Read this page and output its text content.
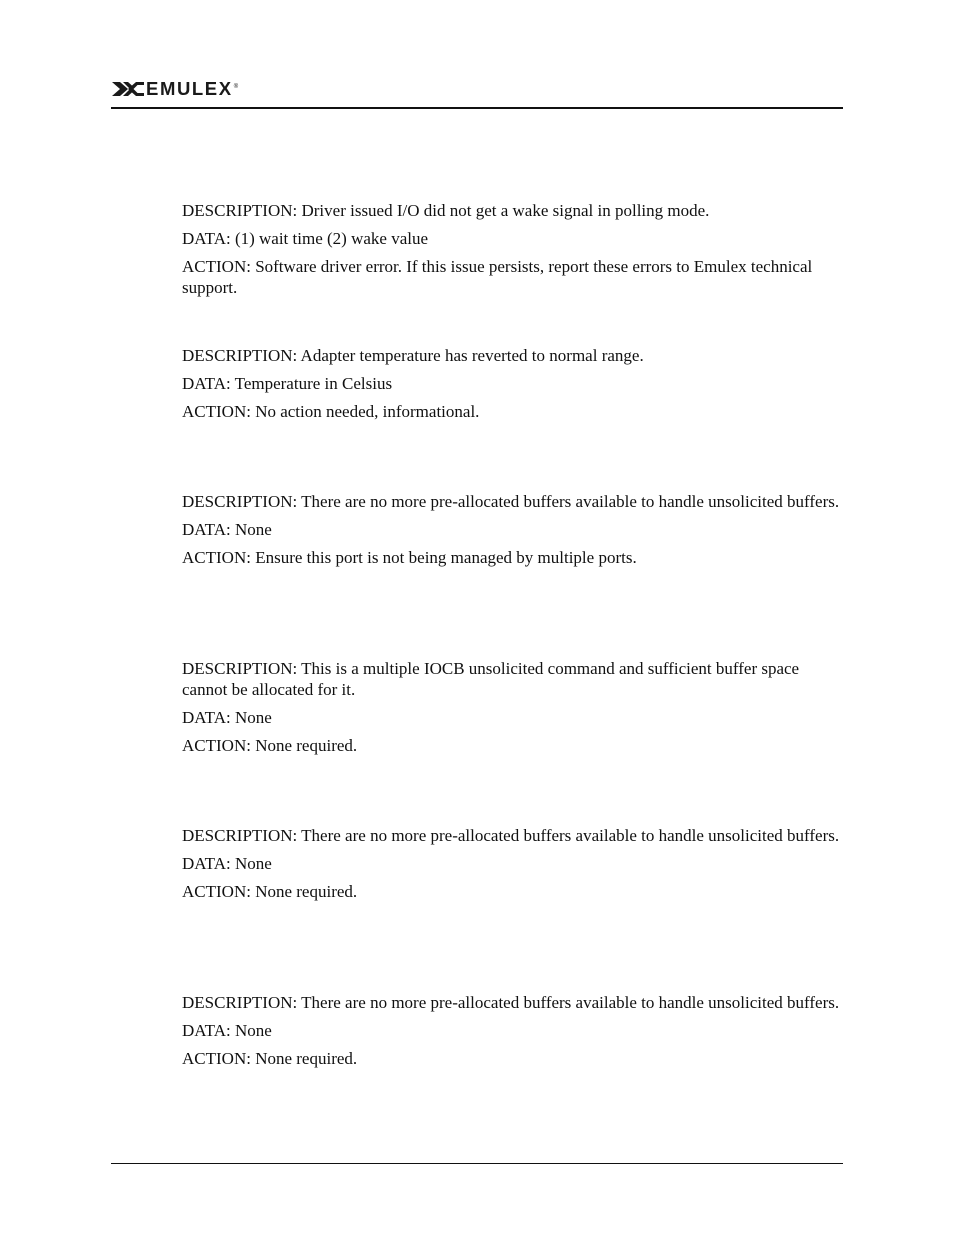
EMULEX ®

DESCRIPTION: Driver issued I/O did not get a wake signal in polling mode.

DATA: (1) wait time (2) wake value

ACTION: Software driver error. If this issue persists, report these errors to Emulex technical support.

DESCRIPTION: Adapter temperature has reverted to normal range.

DATA: Temperature in Celsius

ACTION: No action needed, informational.

DESCRIPTION: There are no more pre-allocated buffers available to handle unsolicited buffers.

DATA: None

ACTION: Ensure this port is not being managed by multiple ports.

DESCRIPTION: This is a multiple IOCB unsolicited command and sufficient buffer space cannot be allocated for it.

DATA: None

ACTION: None required.

DESCRIPTION: There are no more pre-allocated buffers available to handle unsolicited buffers.

DATA: None

ACTION: None required.

DESCRIPTION: There are no more pre-allocated buffers available to handle unsolicited buffers.

DATA: None

ACTION: None required.
